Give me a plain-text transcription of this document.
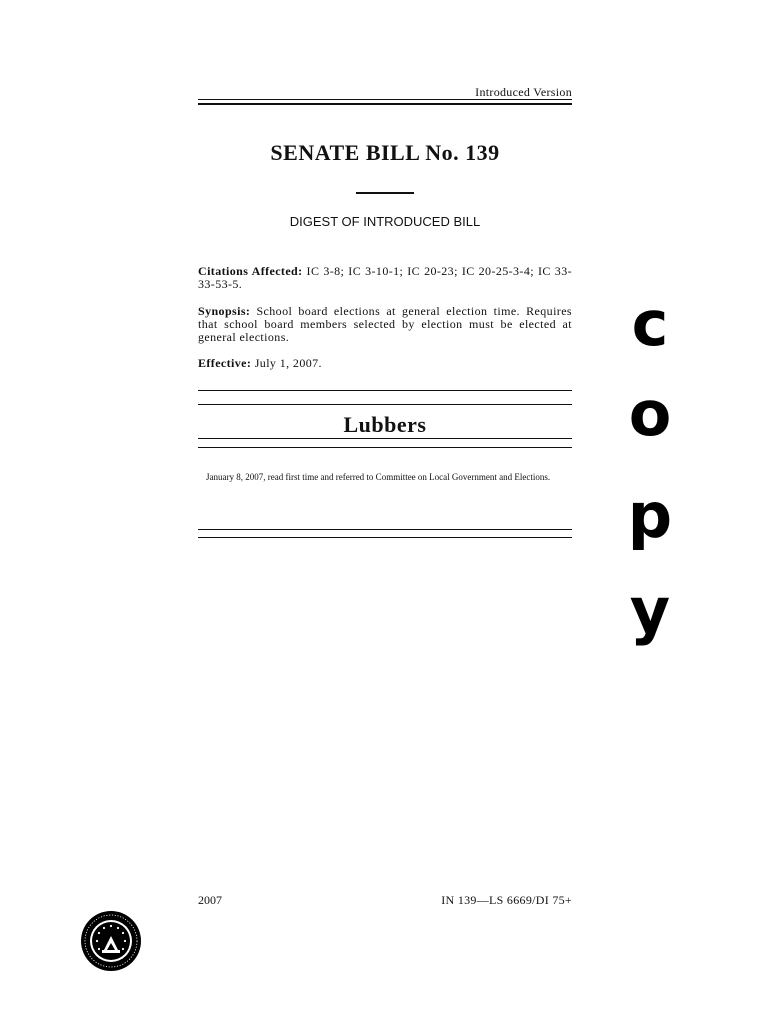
Introduced Version
SENATE BILL No. 139
DIGEST OF INTRODUCED BILL
Citations Affected: IC 3-8; IC 3-10-1; IC 20-23; IC 20-25-3-4; IC 33-33-53-5.
Synopsis: School board elections at general election time. Requires that school board members selected by election must be elected at general elections.
Effective: July 1, 2007.
Lubbers
January 8, 2007, read first time and referred to Committee on Local Government and Elections.
c
o
p
y
2007	IN 139—LS 6669/DI 75+
